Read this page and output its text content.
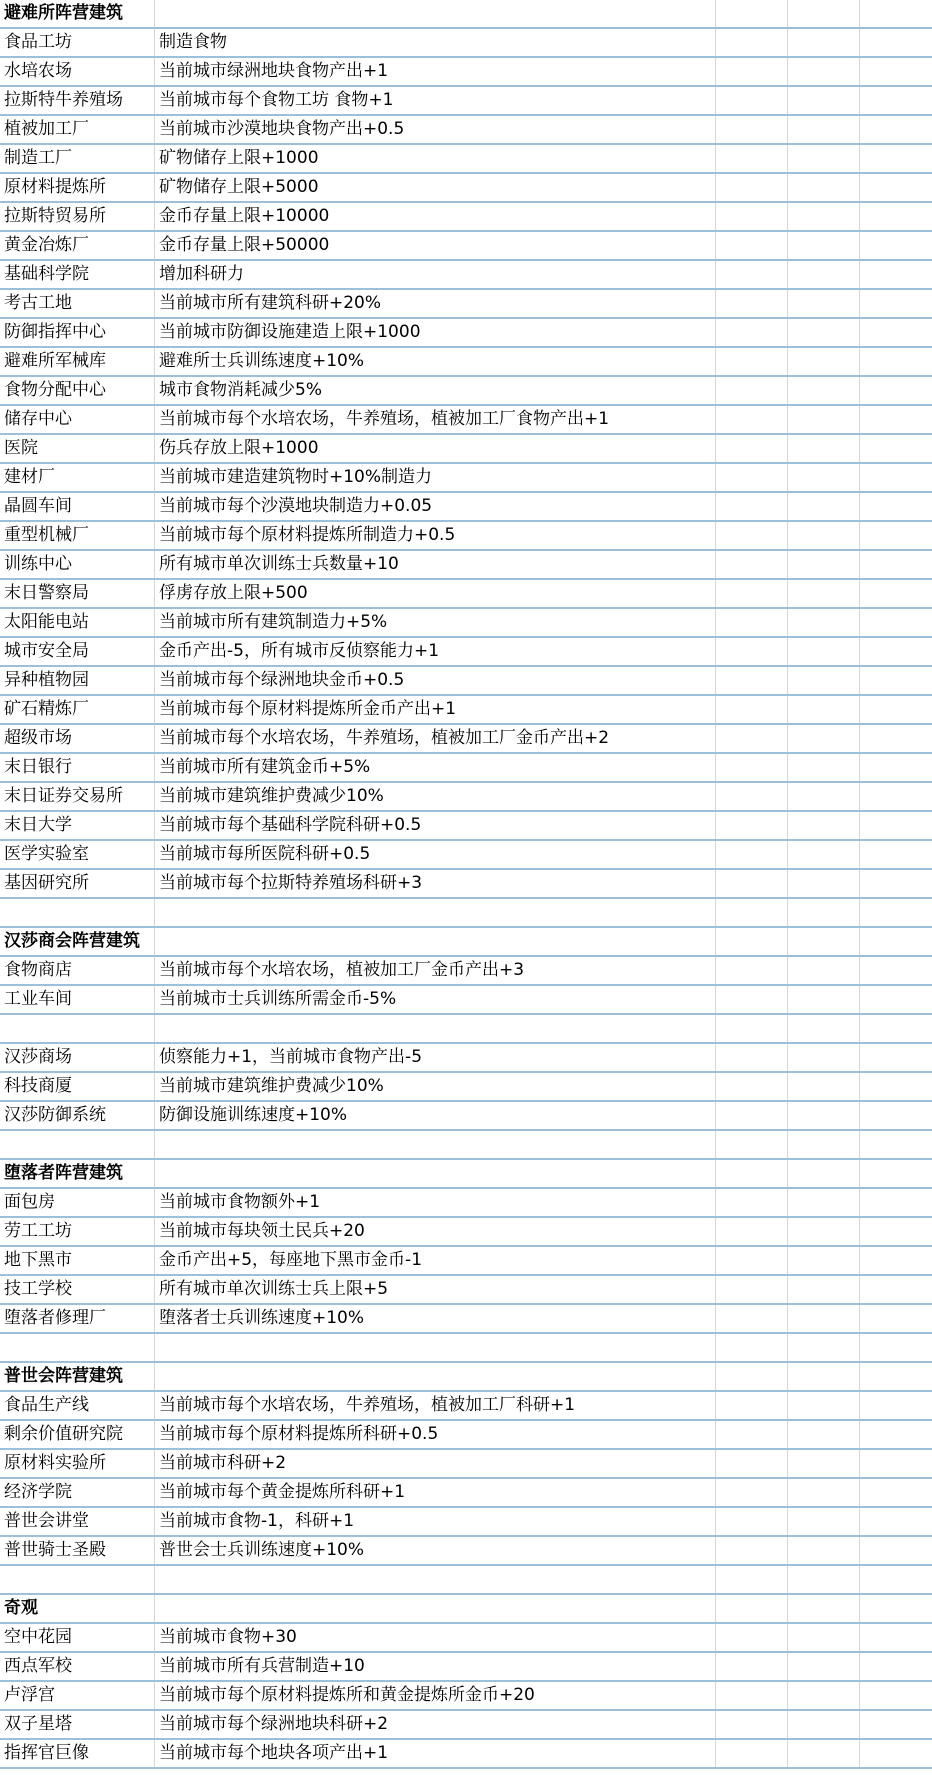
避难所阵营建筑
食品工坊	制造食物
水培农场	当前城市绿洲地块食物产出+1
拉斯特牛养殖场	当前城市每个食物工坊 食物+1
植被加工厂	当前城市沙漠地块食物产出+0.5
制造工厂	矿物储存上限+1000
原材料提炼所	矿物储存上限+5000
拉斯特贸易所	金币存量上限+10000
黄金冶炼厂	金币存量上限+50000
基础科学院	增加科研力
考古工地	当前城市所有建筑科研+20%
防御指挥中心	当前城市防御设施建造上限+1000
避难所军械库	避难所士兵训练速度+10%
食物分配中心	城市食物消耗减少5%
储存中心	当前城市每个水培农场，牛养殖场，植被加工厂食物产出+1
医院	伤兵存放上限+1000
建材厂	当前城市建造建筑物时+10%制造力
晶圆车间	当前城市每个沙漠地块制造力+0.05
重型机械厂	当前城市每个原材料提炼所制造力+0.5
训练中心	所有城市单次训练士兵数量+10
末日警察局	俘虏存放上限+500
太阳能电站	当前城市所有建筑制造力+5%
城市安全局	金币产出-5，所有城市反侦察能力+1
异种植物园	当前城市每个绿洲地块金币+0.5
矿石精炼厂	当前城市每个原材料提炼所金币产出+1
超级市场	当前城市每个水培农场，牛养殖场，植被加工厂金币产出+2
末日银行	当前城市所有建筑金币+5%
末日证券交易所	当前城市建筑维护费减少10%
末日大学	当前城市每个基础科学院科研+0.5
医学实验室	当前城市每所医院科研+0.5
基因研究所	当前城市每个拉斯特养殖场科研+3
汉莎商会阵营建筑
食物商店	当前城市每个水培农场，植被加工厂金币产出+3
工业车间	当前城市士兵训练所需金币-5%
汉莎商场	侦察能力+1，当前城市食物产出-5
科技商厦	当前城市建筑维护费减少10%
汉莎防御系统	防御设施训练速度+10%
堕落者阵营建筑
面包房	当前城市食物额外+1
劳工工坊	当前城市每块领土民兵+20
地下黑市	金币产出+5，每座地下黑市金币-1
技工学校	所有城市单次训练士兵上限+5
堕落者修理厂	堕落者士兵训练速度+10%
普世会阵营建筑
食品生产线	当前城市每个水培农场，牛养殖场，植被加工厂科研+1
剩余价值研究院	当前城市每个原材料提炼所科研+0.5
原材料实验所	当前城市科研+2
经济学院	当前城市每个黄金提炼所科研+1
普世会讲堂	当前城市食物-1，科研+1
普世骑士圣殿	普世会士兵训练速度+10%
奇观
空中花园	当前城市食物+30
西点军校	当前城市所有兵营制造+10
卢浮宫	当前城市每个原材料提炼所和黄金提炼所金币+20
双子星塔	当前城市每个绿洲地块科研+2
指挥官巨像	当前城市每个地块各项产出+1
